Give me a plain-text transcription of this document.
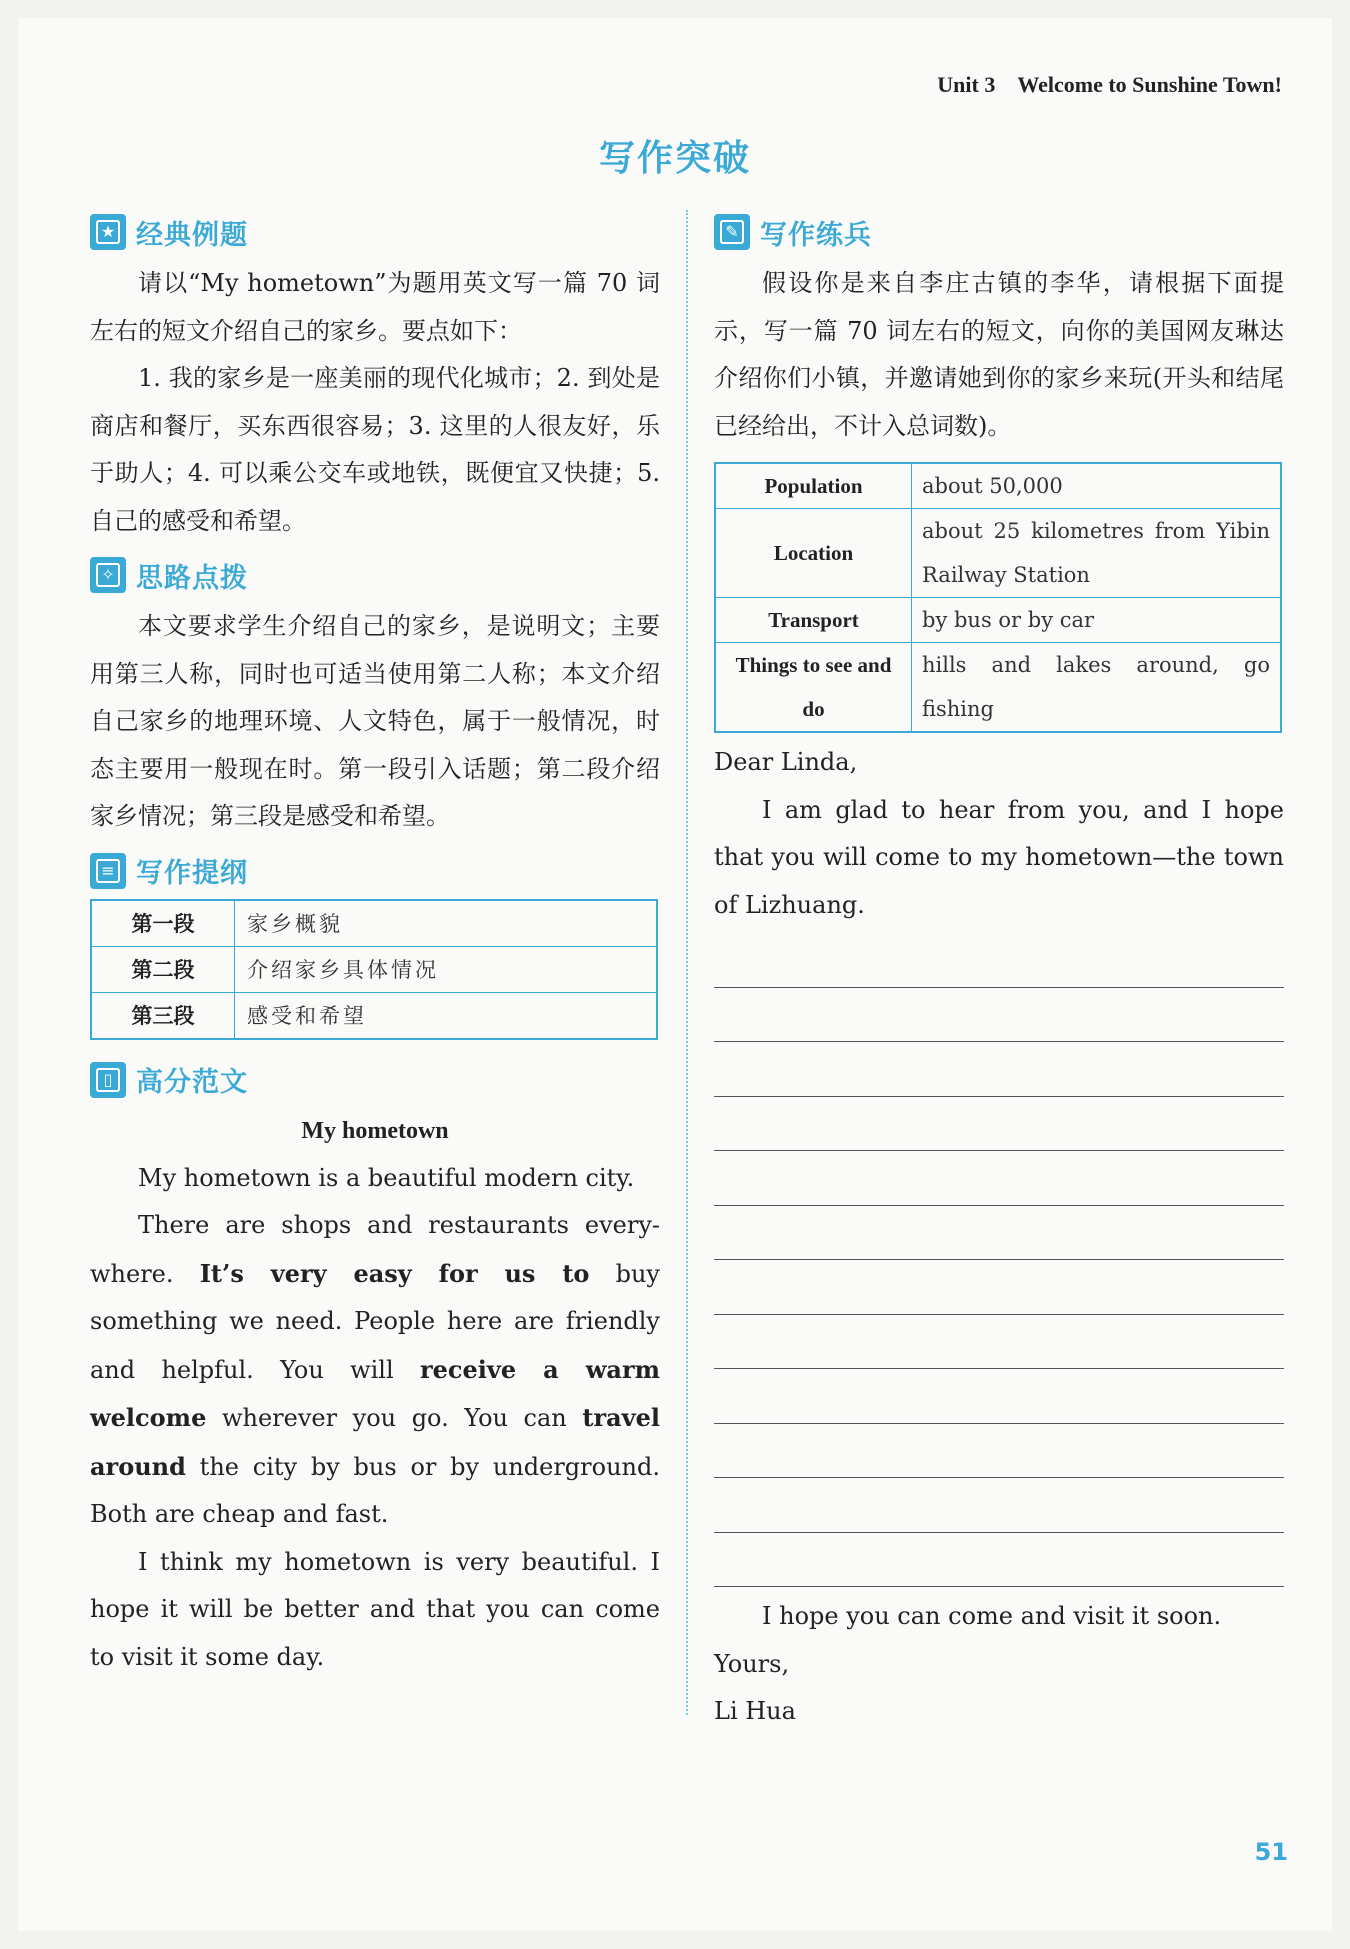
Unit 3 Welcome to Sunshine Town!
写作突破
★ 经典例题

请以“My hometown”为题用英文写一篇 70 词左右的短文介绍自己的家乡。要点如下：

1. 我的家乡是一座美丽的现代化城市；2. 到处是商店和餐厅，买东西很容易；3. 这里的人很友好，乐于助人；4. 可以乘公交车或地铁，既便宜又快捷；5. 自己的感受和希望。

✧ 思路点拨

本文要求学生介绍自己的家乡，是说明文；主要用第三人称，同时也可适当使用第二人称；本文介绍自己家乡的地理环境、人文特色，属于一般情况，时态主要用一般现在时。第一段引入话题；第二段介绍家乡情况；第三段是感受和希望。

≡ 写作提纲
第一段	家乡概貌
第二段	介绍家乡具体情况
第三段	感受和希望
▯ 高分范文
My hometown

My hometown is a beautiful modern city.

There are shops and restaurants every-where. It’s very easy for us to buy something we need. People here are friendly and helpful. You will receive a warm welcome wherever you go. You can travel around the city by bus or by underground. Both are cheap and fast.

I think my hometown is very beautiful. I hope it will be better and that you can come to visit it some day.

✎ 写作练兵

假设你是来自李庄古镇的李华，请根据下面提示，写一篇 70 词左右的短文，向你的美国网友琳达介绍你们小镇，并邀请她到你的家乡来玩(开头和结尾已经给出，不计入总词数)。

Population	about 50,000
Location	about 25 kilometres from Yibin Railway Station
Transport	by bus or by car
Things to see and do	hills and lakes around, go fishing

Dear Linda,

I am glad to hear from you, and I hope that you will come to my hometown—the town of Lizhuang.

I hope you can come and visit it soon.

Yours,

Li Hua

51
